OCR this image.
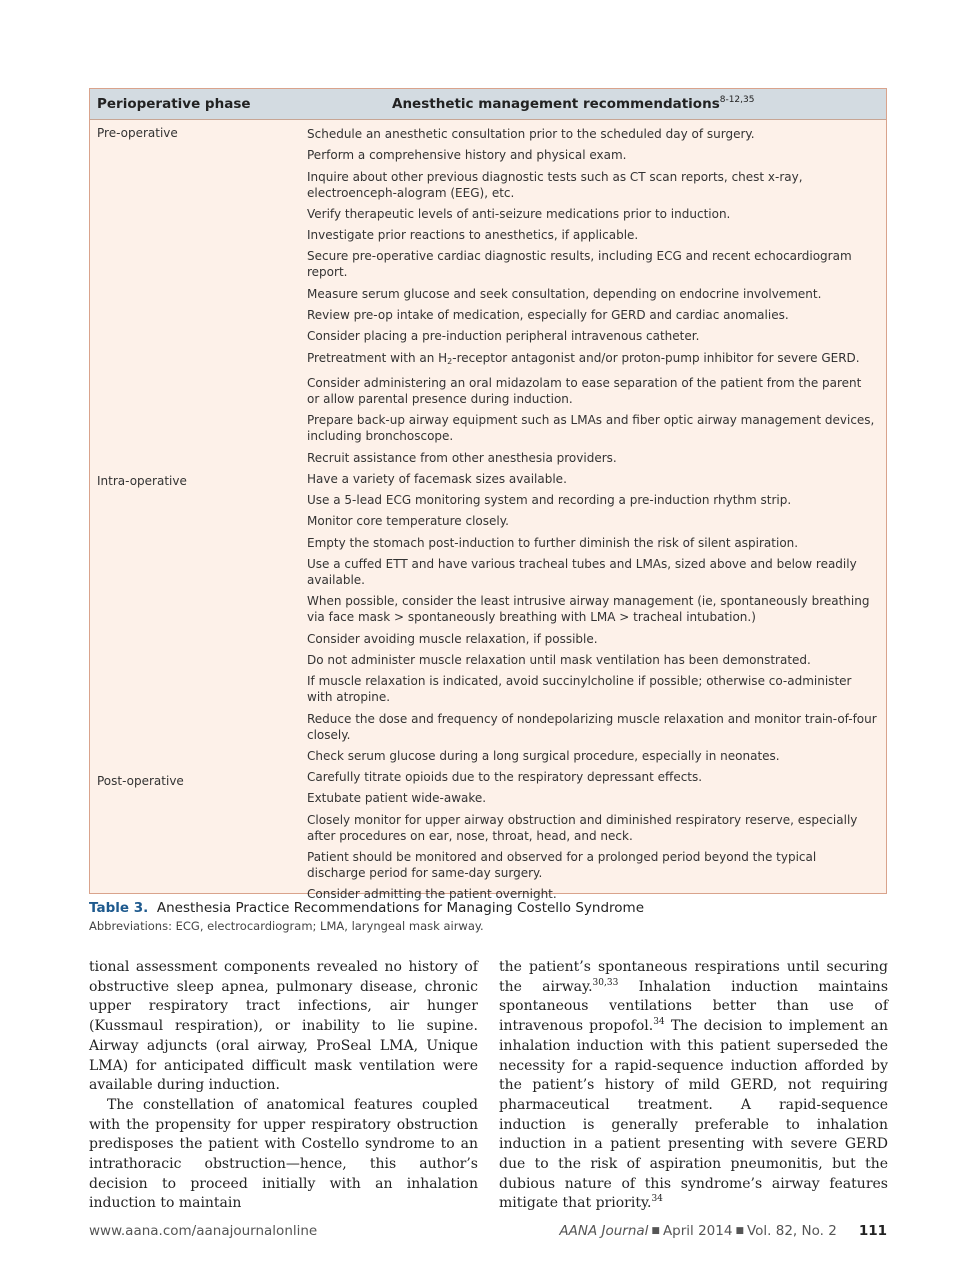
Perioperative phase	Anesthetic management recommendations$^{8-12,35}$
Pre-operative
Intra-operative
Post-operative
Schedule an anesthetic consultation prior to the scheduled day of surgery.
Perform a comprehensive history and physical exam.
Inquire about other previous diagnostic tests such as CT scan reports, chest x-ray, electroenceph-alogram (EEG), etc.
Verify therapeutic levels of anti-seizure medications prior to induction.
Investigate prior reactions to anesthetics, if applicable.
Secure pre-operative cardiac diagnostic results, including ECG and recent echocardiogram report.
Measure serum glucose and seek consultation, depending on endocrine involvement.
Review pre-op intake of medication, especially for GERD and cardiac anomalies.
Consider placing a pre-induction peripheral intravenous catheter.
Pretreatment with an $H_2$-receptor antagonist and/or proton-pump inhibitor for severe GERD.
Consider administering an oral midazolam to ease separation of the patient from the parent or allow parental presence during induction.
Prepare back-up airway equipment such as LMAs and fiber optic airway management devices, including bronchoscope.
Recruit assistance from other anesthesia providers.
Have a variety of facemask sizes available.
Use a 5-lead ECG monitoring system and recording a pre-induction rhythm strip.
Monitor core temperature closely.
Empty the stomach post-induction to further diminish the risk of silent aspiration.
Use a cuffed ETT and have various tracheal tubes and LMAs, sized above and below readily available.
When possible, consider the least intrusive airway management (ie, spontaneously breathing via face mask > spontaneously breathing with LMA > tracheal intubation.)
Consider avoiding muscle relaxation, if possible.
Do not administer muscle relaxation until mask ventilation has been demonstrated.
If muscle relaxation is indicated, avoid succinylcholine if possible; otherwise co-administer with atropine.
Reduce the dose and frequency of nondepolarizing muscle relaxation and monitor train-of-four closely.
Check serum glucose during a long surgical procedure, especially in neonates.
Carefully titrate opioids due to the respiratory depressant effects.
Extubate patient wide-awake.
Closely monitor for upper airway obstruction and diminished respiratory reserve, especially after procedures on ear, nose, throat, head, and neck.
Patient should be monitored and observed for a prolonged period beyond the typical discharge period for same-day surgery.
Consider admitting the patient overnight.
Table 3. Anesthesia Practice Recommendations for Managing Costello Syndrome
Abbreviations: ECG, electrocardiogram; LMA, laryngeal mask airway.

tional assessment components revealed no history of obstructive sleep apnea, pulmonary disease, chronic upper respiratory tract infections, air hunger (Kussmaul respiration), or inability to lie supine. Airway adjuncts (oral airway, ProSeal LMA, Unique LMA) for anticipated difficult mask ventilation were available during induction.

The constellation of anatomical features coupled with the propensity for upper respiratory obstruction predisposes the patient with Costello syndrome to an intrathoracic obstruction—hence, this author’s decision to proceed initially with an inhalation induction to maintain

the patient’s spontaneous respirations until securing the airway.$^{30,33}$ Inhalation induction maintains spontaneous ventilations better than use of intravenous propofol.$^{34}$ The decision to implement an inhalation induction with this patient superseded the necessity for a rapid-sequence induction afforded by the patient’s history of mild GERD, not requiring pharmaceutical treatment. A rapid-sequence induction is generally preferable to inhalation induction in a patient presenting with severe GERD due to the risk of aspiration pneumonitis, but the dubious nature of this syndrome’s airway features mitigate that priority.$^{34}$

www.aana.com/aanajournalonline	AANA Journal ■ April 2014 ■ Vol. 82, No. 2 111
